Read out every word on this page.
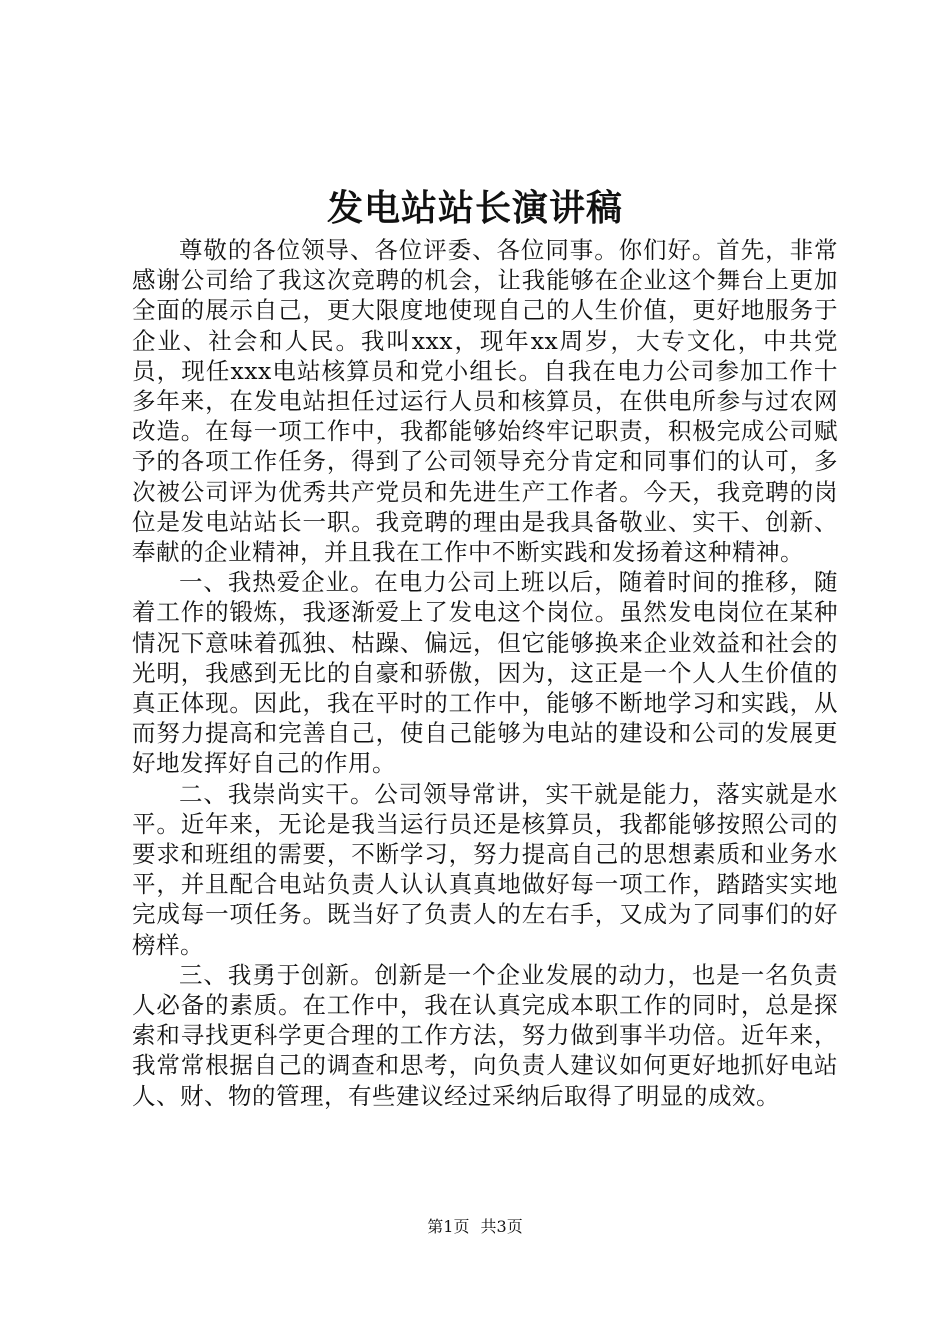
发电站站长演讲稿

尊敬的各位领导、各位评委、各位同事。你们好。首先，非常感谢公司给了我这次竞聘的机会，让我能够在企业这个舞台上更加全面的展示自己，更大限度地使现自己的人生价值，更好地服务于企业、社会和人民。我叫xxx，现年xx周岁，大专文化，中共党员，现任xxx电站核算员和党小组长。自我在电力公司参加工作十多年来，在发电站担任过运行人员和核算员，在供电所参与过农网改造。在每一项工作中，我都能够始终牢记职责，积极完成公司赋予的各项工作任务，得到了公司领导充分肯定和同事们的认可，多次被公司评为优秀共产党员和先进生产工作者。今天，我竞聘的岗位是发电站站长一职。我竞聘的理由是我具备敬业、实干、创新、奉献的企业精神，并且我在工作中不断实践和发扬着这种精神。

一、我热爱企业。在电力公司上班以后，随着时间的推移，随着工作的锻炼，我逐渐爱上了发电这个岗位。虽然发电岗位在某种情况下意味着孤独、枯躁、偏远，但它能够换来企业效益和社会的光明，我感到无比的自豪和骄傲，因为，这正是一个人人生价值的真正体现。因此，我在平时的工作中，能够不断地学习和实践，从而努力提高和完善自己，使自己能够为电站的建设和公司的发展更好地发挥好自己的作用。

二、我崇尚实干。公司领导常讲，实干就是能力，落实就是水平。近年来，无论是我当运行员还是核算员，我都能够按照公司的要求和班组的需要，不断学习，努力提高自己的思想素质和业务水平，并且配合电站负责人认认真真地做好每一项工作，踏踏实实地完成每一项任务。既当好了负责人的左右手，又成为了同事们的好榜样。

三、我勇于创新。创新是一个企业发展的动力，也是一名负责人必备的素质。在工作中，我在认真完成本职工作的同时，总是探索和寻找更科学更合理的工作方法，努力做到事半功倍。近年来，我常常根据自己的调查和思考，向负责人建议如何更好地抓好电站人、财、物的管理，有些建议经过采纳后取得了明显的成效。

第1页 共3页
